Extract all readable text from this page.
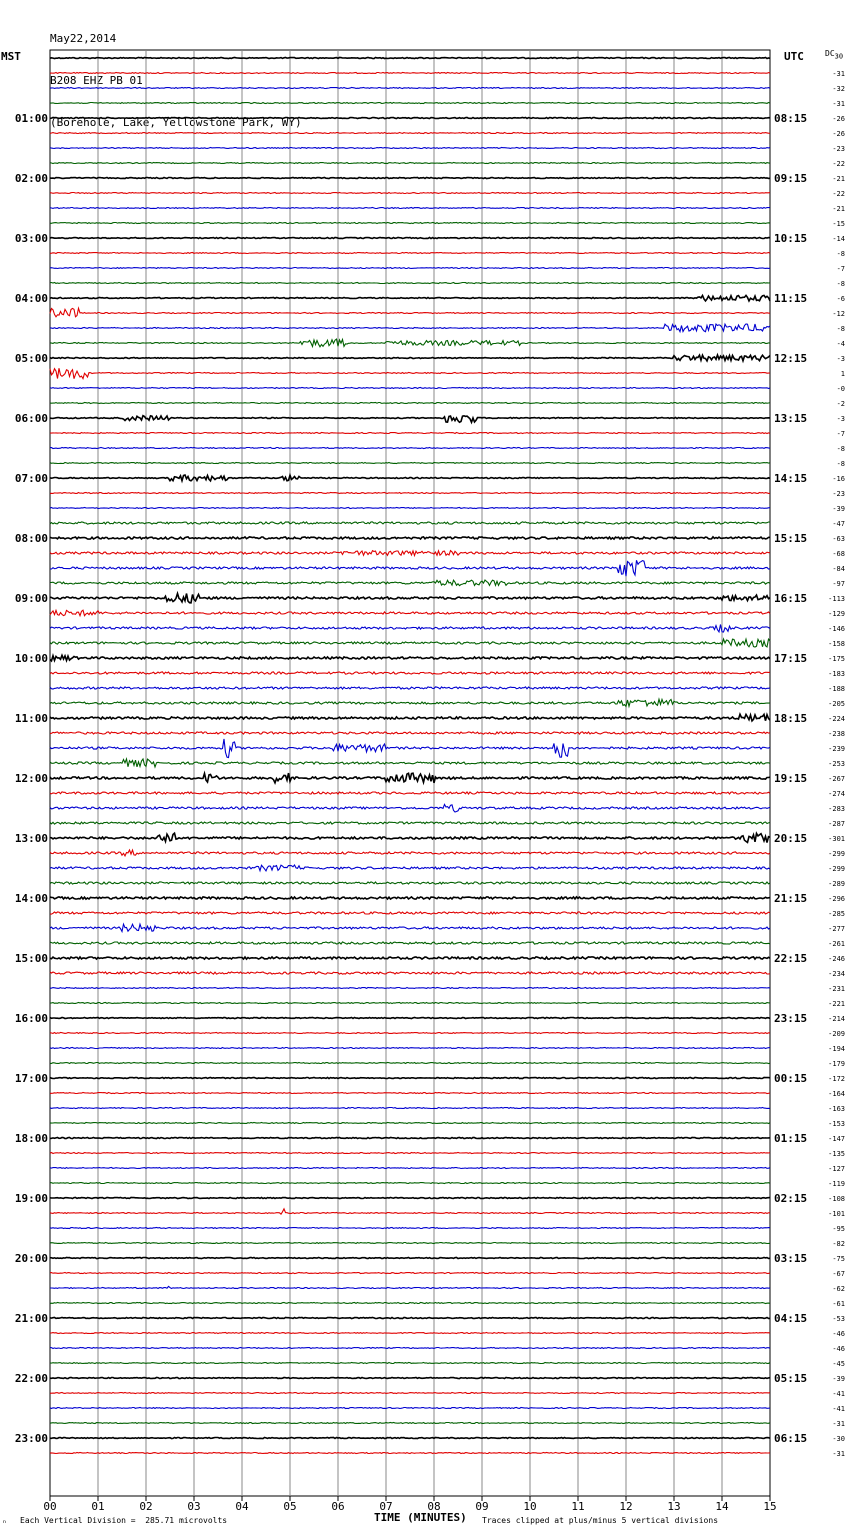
May22,2014

B208 EHZ PB 01

(Borehole, Lake, Yellowstone Park, WY)

MST	UTC	$DC_{30}$
00	01	02	03	04	05	06	07	08	09	10	11	12	13	14	15
01:00
02:00
03:00
04:00
05:00
06:00
07:00
08:00
09:00
10:00
11:00
12:00
13:00
14:00
15:00
16:00
17:00
18:00
19:00
20:00
21:00
22:00
23:00
08:15
09:15
10:15
11:15
12:15
13:15
14:15
15:15
16:15
17:15
18:15
19:15
20:15
21:15
22:15
23:15
00:15
01:15
02:15
03:15
04:15
05:15
06:15
-31
-32
-31
-26
-26
-23
-22
-21
-22
-21
-15
-14
-8
-7
-8
-6
-12
-8
-4
-3
1
-0
-2
-3
-7
-8
-8
-16
-23
-39
-47
-63
-68
-84
-97
-113
-129
-146
-158
-175
-183
-188
-205
-224
-238
-239
-253
-267
-274
-283
-287
-301
-299
-299
-289
-296
-285
-277
-261
-246
-234
-231
-221
-214
-209
-194
-179
-172
-164
-163
-153
-147
-135
-127
-119
-108
-101
-95
-82
-75
-67
-62
-61
-53
-46
-46
-45
-39
-41
-41
-31
-30
-31
TIME (MINUTES)
Each Vertical Division =  285.71 microvolts	Traces clipped at plus/minus 5 vertical divisions
ₙ
